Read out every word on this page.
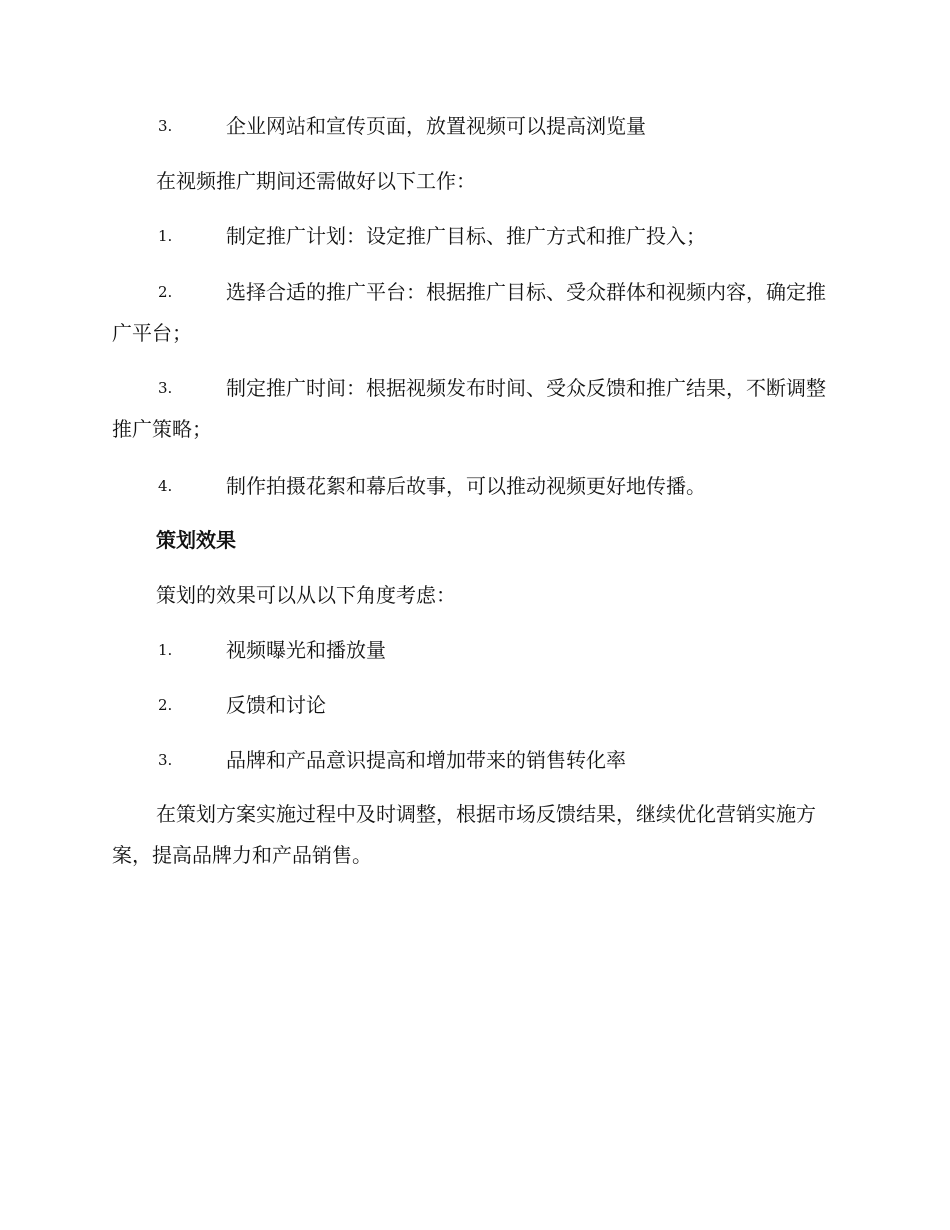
3.	企业网站和宣传页面，放置视频可以提高浏览量
在视频推广期间还需做好以下工作：
1.	制定推广计划：设定推广目标、推广方式和推广投入；
2.	选择合适的推广平台：根据推广目标、受众群体和视频内容，确定推广平台；
3.	制定推广时间：根据视频发布时间、受众反馈和推广结果，不断调整推广策略；
4.	制作拍摄花絮和幕后故事，可以推动视频更好地传播。
策划效果
策划的效果可以从以下角度考虑：
1.	视频曝光和播放量
2.	反馈和讨论
3.	品牌和产品意识提高和增加带来的销售转化率
在策划方案实施过程中及时调整，根据市场反馈结果，继续优化营销实施方案，提高品牌力和产品销售。
